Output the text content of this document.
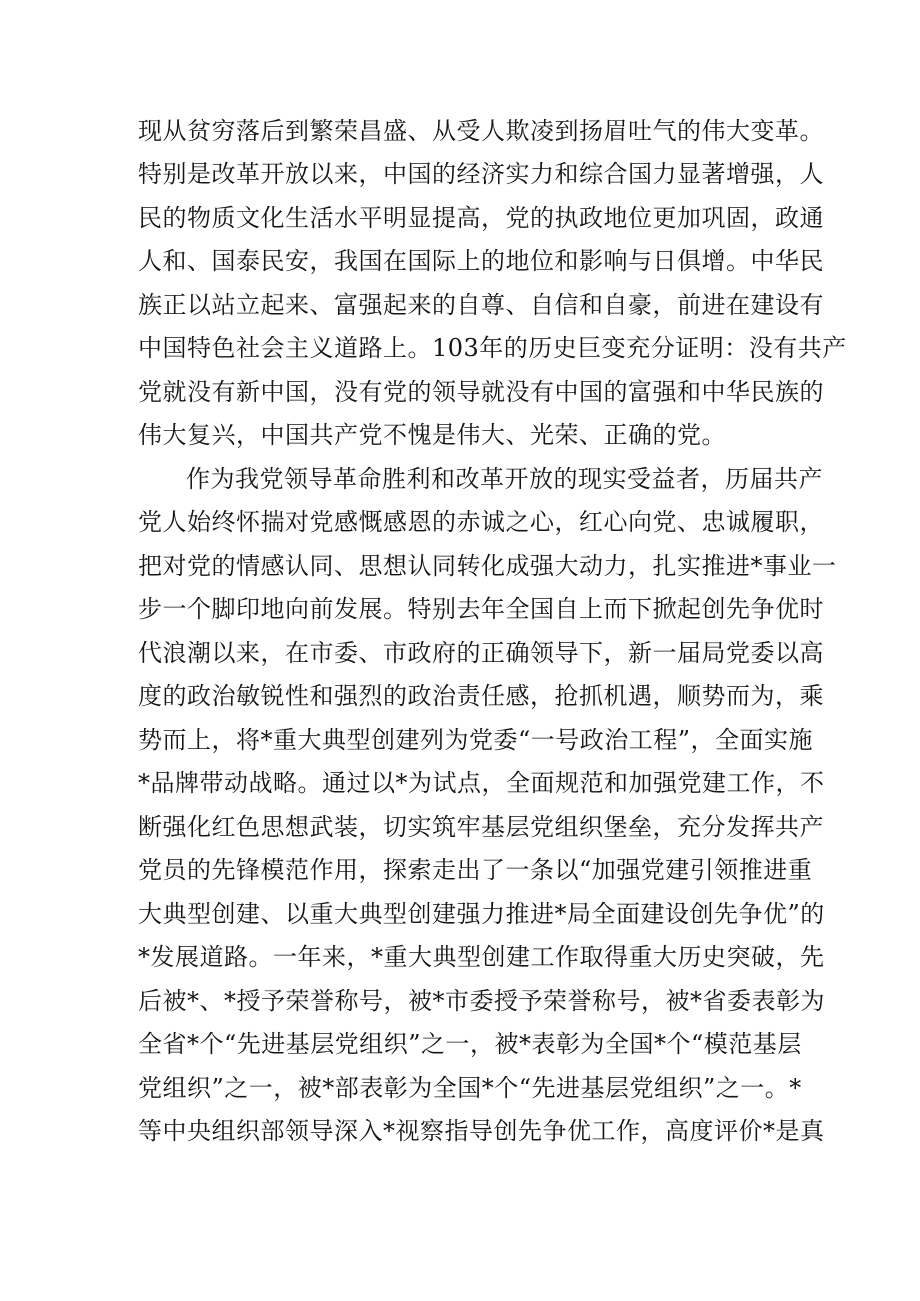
现从贫穷落后到繁荣昌盛、从受人欺凌到扬眉吐气的伟大变革。
特别是改革开放以来，中国的经济实力和综合国力显著增强，人
民的物质文化生活水平明显提高，党的执政地位更加巩固，政通
人和、国泰民安，我国在国际上的地位和影响与日俱增。中华民
族正以站立起来、富强起来的自尊、自信和自豪，前进在建设有
中国特色社会主义道路上。103年的历史巨变充分证明：没有共产
党就没有新中国，没有党的领导就没有中国的富强和中华民族的
伟大复兴，中国共产党不愧是伟大、光荣、正确的党。
作为我党领导革命胜利和改革开放的现实受益者，历届共产
党人始终怀揣对党感慨感恩的赤诚之心，红心向党、忠诚履职，
把对党的情感认同、思想认同转化成强大动力，扎实推进*事业一
步一个脚印地向前发展。特别去年全国自上而下掀起创先争优时
代浪潮以来，在市委、市政府的正确领导下，新一届局党委以高
度的政治敏锐性和强烈的政治责任感，抢抓机遇，顺势而为，乘
势而上，将*重大典型创建列为党委“一号政治工程”，全面实施
*品牌带动战略。通过以*为试点，全面规范和加强党建工作，不
断强化红色思想武装，切实筑牢基层党组织堡垒，充分发挥共产
党员的先锋模范作用，探索走出了一条以“加强党建引领推进重
大典型创建、以重大典型创建强力推进*局全面建设创先争优”的
*发展道路。一年来，*重大典型创建工作取得重大历史突破，先
后被*、*授予荣誉称号，被*市委授予荣誉称号，被*省委表彰为
全省*个“先进基层党组织”之一，被*表彰为全国*个“模范基层
党组织”之一，被*部表彰为全国*个“先进基层党组织”之一。*
等中央组织部领导深入*视察指导创先争优工作，高度评价*是真
